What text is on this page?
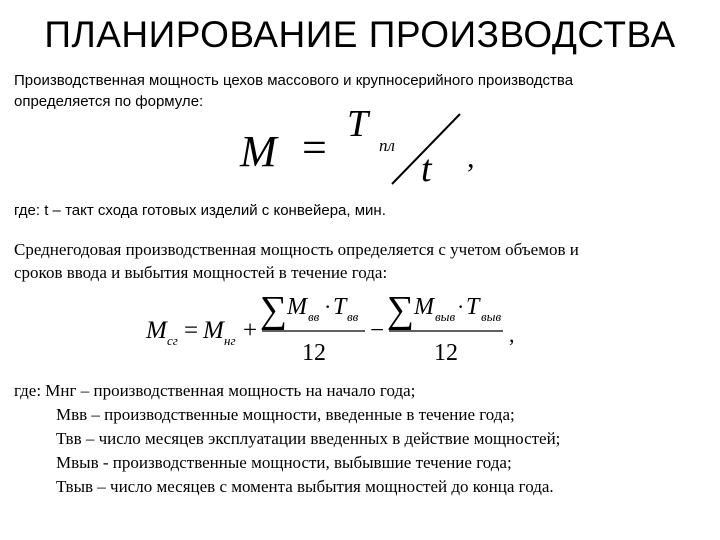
ПЛАНИРОВАНИЕ ПРОИЗВОДСТВА
Производственная мощность цехов массового и крупносерийного производства
определяется по формуле:
M = T
пл
t ,
M сг = M нг + ∑ M вв · T вв
12
− ∑ M выв · T выв
12
,
где: t – такт схода готовых изделий с конвейера, мин.
Среднегодовая производственная мощность определяется с учетом объемов и
сроков ввода и выбытия мощностей в течение года:
где: Мнг – производственная мощность на начало года;
Мвв – производственные мощности, введенные в течение года;
Твв – число месяцев эксплуатации введенных в действие мощностей;
Мвыв - производственные мощности, выбывшие течение года;
Твыв – число месяцев с момента выбытия мощностей до конца года.
